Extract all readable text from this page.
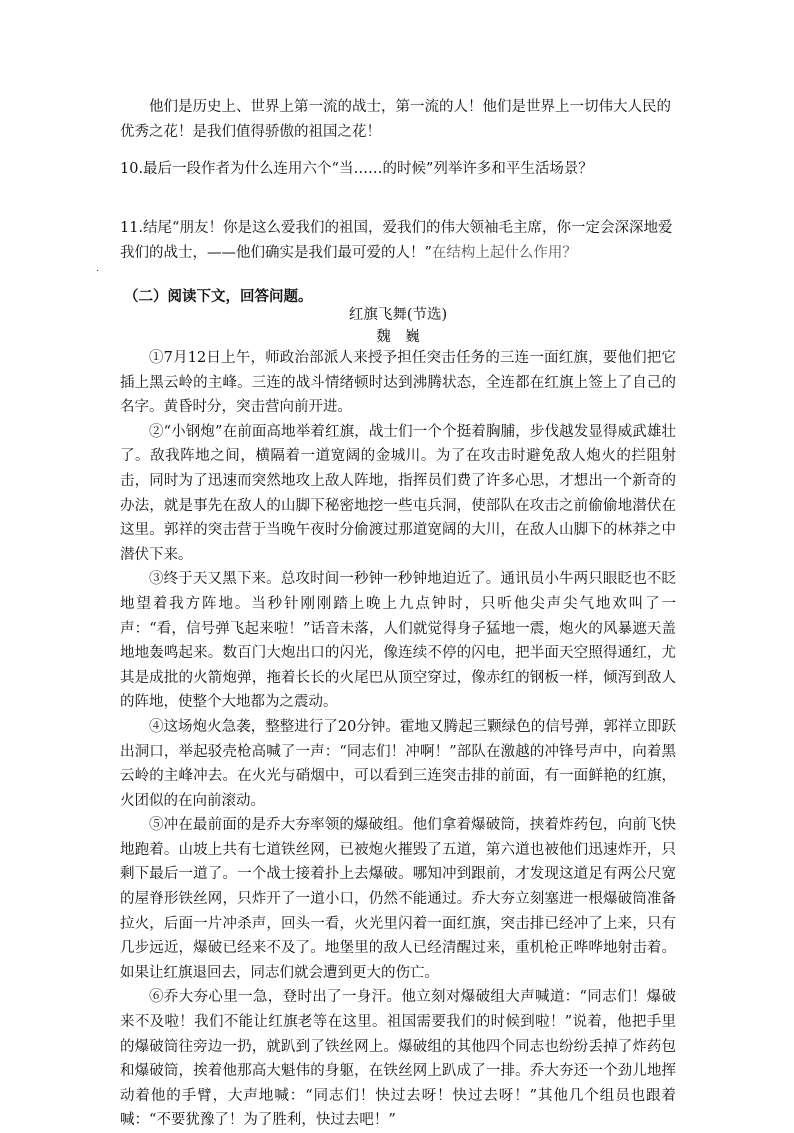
他们是历史上、世界上第一流的战士，第一流的人！他们是世界上一切伟大人民的优秀之花！是我们值得骄傲的祖国之花！

10.最后一段作者为什么连用六个“当……的时候”列举许多和平生活场景？

11.结尾“朋友！你是这么爱我们的祖国，爱我们的伟大领袖毛主席，你一定会深深地爱我们的战士，——他们确实是我们最可爱的人！”在结构上起什么作用？

·

（二）阅读下文，回答问题。

红旗飞舞(节选)

魏　巍

①7月12日上午，师政治部派人来授予担任突击任务的三连一面红旗，要他们把它插上黑云岭的主峰。三连的战斗情绪顿时达到沸腾状态，全连都在红旗上签上了自己的名字。黄昏时分，突击营向前开进。

②“小钢炮”在前面高地举着红旗，战士们一个个挺着胸脯，步伐越发显得威武雄壮了。敌我阵地之间，横隔着一道宽阔的金城川。为了在攻击时避免敌人炮火的拦阻射击，同时为了迅速而突然地攻上敌人阵地，指挥员们费了许多心思，才想出一个新奇的办法，就是事先在敌人的山脚下秘密地挖一些屯兵洞，使部队在攻击之前偷偷地潜伏在这里。郭祥的突击营于当晚午夜时分偷渡过那道宽阔的大川，在敌人山脚下的林莽之中潜伏下来。

③终于天又黑下来。总攻时间一秒钟一秒钟地迫近了。通讯员小牛两只眼眨也不眨地望着我方阵地。当秒针刚刚踏上晚上九点钟时，只听他尖声尖气地欢叫了一声：“看，信号弹飞起来啦！”话音未落，人们就觉得身子猛地一震，炮火的风暴遮天盖地地轰鸣起来。数百门大炮出口的闪光，像连续不停的闪电，把半面天空照得通红，尤其是成批的火箭炮弹，拖着长长的火尾巴从顶空穿过，像赤红的钢板一样，倾泻到敌人的阵地，使整个大地都为之震动。

④这场炮火急袭，整整进行了20分钟。霍地又腾起三颗绿色的信号弹，郭祥立即跃出洞口，举起驳壳枪高喊了一声：“同志们！冲啊！”部队在激越的冲锋号声中，向着黑云岭的主峰冲去。在火光与硝烟中，可以看到三连突击排的前面，有一面鲜艳的红旗，火团似的在向前滚动。

⑤冲在最前面的是乔大夯率领的爆破组。他们拿着爆破筒，挟着炸药包，向前飞快地跑着。山坡上共有七道铁丝网，已被炮火摧毁了五道，第六道也被他们迅速炸开，只剩下最后一道了。一个战士接着扑上去爆破。哪知冲到跟前，才发现这道足有两公尺宽的屋脊形铁丝网，只炸开了一道小口，仍然不能通过。乔大夯立刻塞进一根爆破筒准备拉火，后面一片冲杀声，回头一看，火光里闪着一面红旗，突击排已经冲了上来，只有几步远近，爆破已经来不及了。地堡里的敌人已经清醒过来，重机枪正哗哗地射击着。如果让红旗退回去，同志们就会遭到更大的伤亡。

⑥乔大夯心里一急，登时出了一身汗。他立刻对爆破组大声喊道：“同志们！爆破来不及啦！我们不能让红旗老等在这里。祖国需要我们的时候到啦！”说着，他把手里的爆破筒往旁边一扔，就趴到了铁丝网上。爆破组的其他四个同志也纷纷丢掉了炸药包和爆破筒，挨着他那高大魁伟的身躯，在铁丝网上趴成了一排。乔大夯还一个劲儿地挥动着他的手臂，大声地喊：“同志们！快过去呀！快过去呀！”其他几个组员也跟着喊：“不要犹豫了！为了胜利，快过去吧！”
